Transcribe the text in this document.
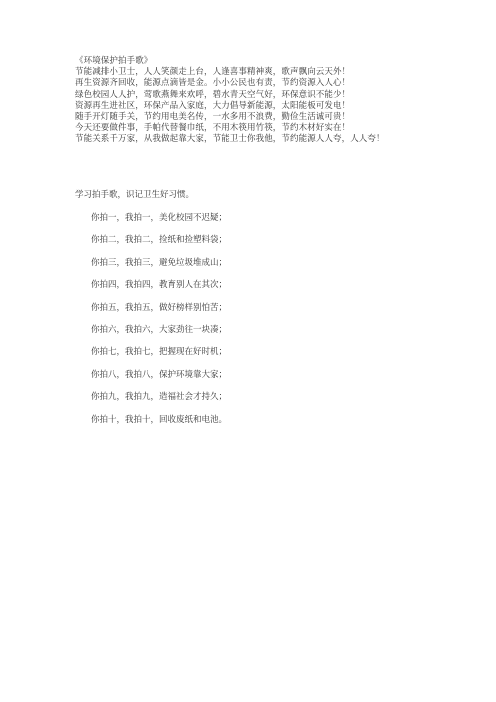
《环境保护拍手歌》
节能减排小卫士，人人笑颜走上台，人逢喜事精神爽，歌声飘向云天外！
再生资源齐回收，能源点滴皆是金。小小公民也有责，节约资源入人心！
绿色校园人人护，莺歌燕舞来欢呼，碧水青天空气好，环保意识不能少！
资源再生进社区，环保产品入家庭，大力倡导新能源，太阳能板可发电！
随手开灯随手关，节约用电美名传，一水多用不浪费，勤俭生活诚可贵！
今天还要做件事，手帕代替餐巾纸，不用木筷用竹筷，节约木材好实在！
节能关系千万家，从我做起靠大家，节能卫士你我他，节约能源人人夸，人人夸！
学习拍手歌，识记卫生好习惯。
你拍一，我拍一，美化校园不迟疑；
你拍二，我拍二，捡纸和捡塑料袋；
你拍三，我拍三，避免垃圾堆成山；
你拍四，我拍四，教育别人在其次；
你拍五，我拍五，做好榜样别怕苦；
你拍六，我拍六，大家劲往一块凑；
你拍七，我拍七，把握现在好时机；
你拍八，我拍八，保护环境靠大家；
你拍九，我拍九，造福社会才持久；
你拍十，我拍十，回收废纸和电池。
